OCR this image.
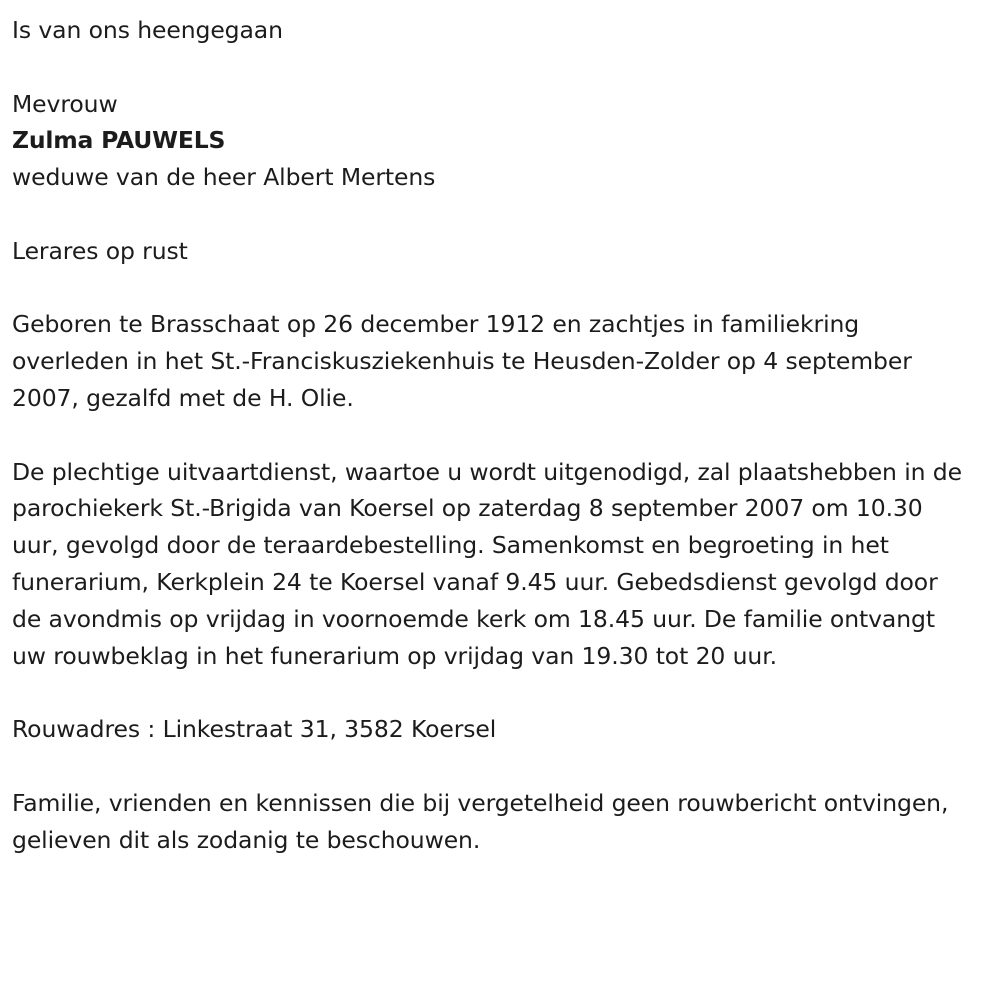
Is van ons heengegaan

Mevrouw
Zulma PAUWELS
weduwe van de heer Albert Mertens

Lerares op rust

Geboren te Brasschaat op 26 december 1912 en zachtjes in familiekring overleden in het St.-Franciskusziekenhuis te Heusden-Zolder op 4 september 2007, gezalfd met de H. Olie.

De plechtige uitvaartdienst, waartoe u wordt uitgenodigd, zal plaatshebben in de parochiekerk St.-Brigida van Koersel op zaterdag 8 september 2007 om 10.30 uur, gevolgd door de teraardebestelling. Samenkomst en begroeting in het funerarium, Kerkplein 24 te Koersel vanaf 9.45 uur. Gebedsdienst gevolgd door de avondmis op vrijdag in voornoemde kerk om 18.45 uur. De familie ontvangt uw rouwbeklag in het funerarium op vrijdag van 19.30 tot 20 uur.

Rouwadres : Linkestraat 31, 3582 Koersel

Familie, vrienden en kennissen die bij vergetelheid geen rouwbericht ontvingen, gelieven dit als zodanig te beschouwen.
